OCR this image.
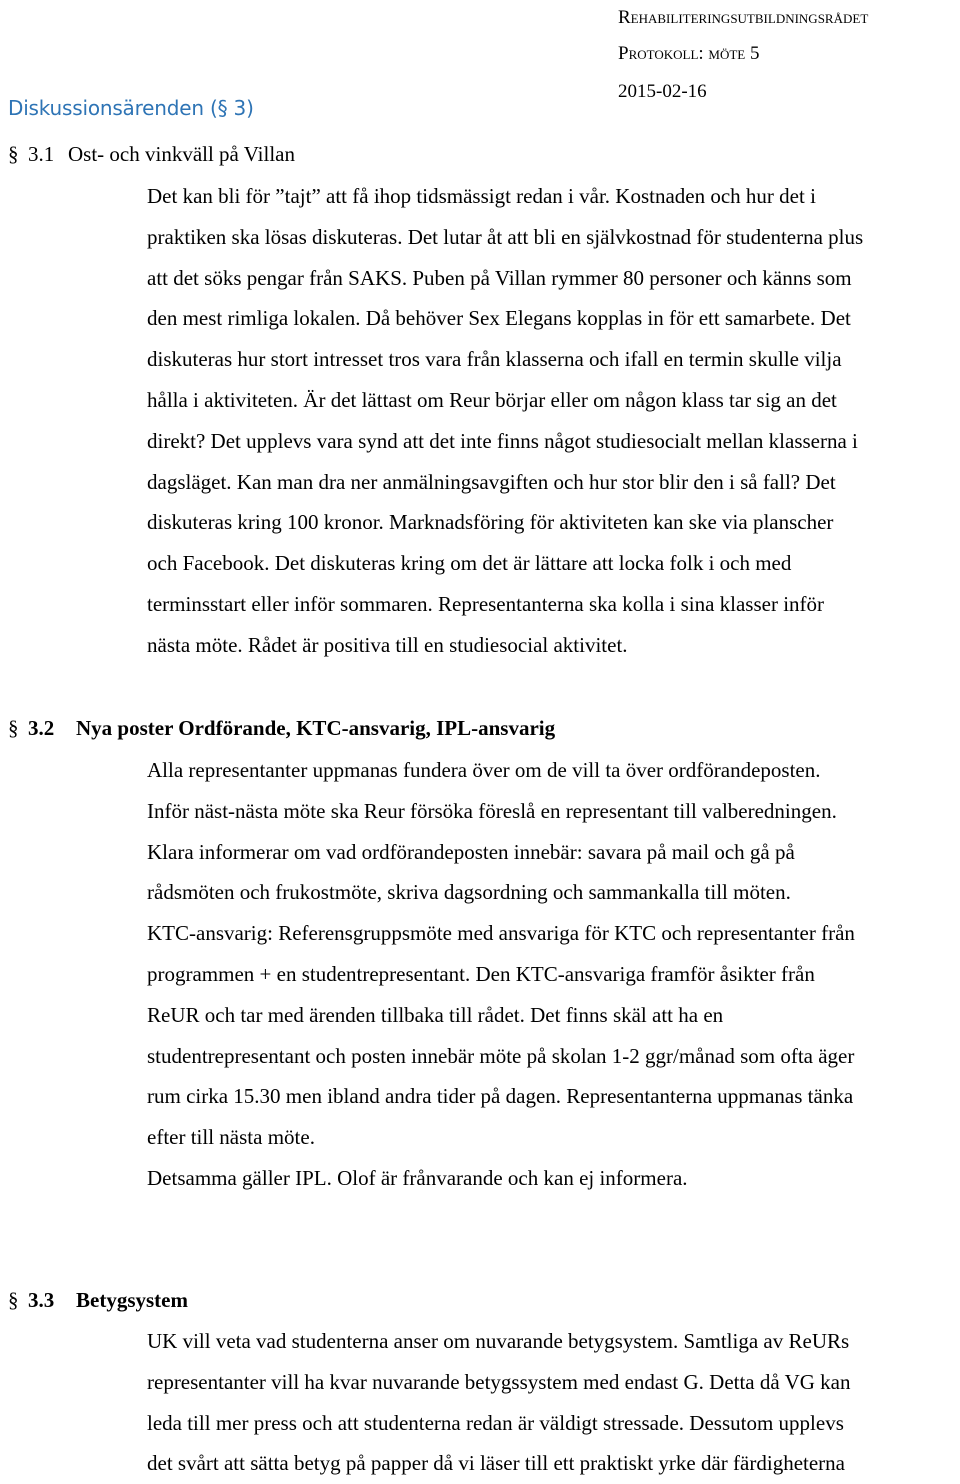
Rehabiliteringsutbildningsrådet
Protokoll: möte 5
2015-02-16
Diskussionsärenden (§ 3)
§ 3.1 Ost- och vinkväll på Villan
Det kan bli för ”tajt” att få ihop tidsmässigt redan i vår. Kostnaden och hur det i
praktiken ska lösas diskuteras. Det lutar åt att bli en självkostnad för studenterna plus
att det söks pengar från SAKS. Puben på Villan rymmer 80 personer och känns som
den mest rimliga lokalen. Då behöver Sex Elegans kopplas in för ett samarbete. Det
diskuteras hur stort intresset tros vara från klasserna och ifall en termin skulle vilja
hålla i aktiviteten. Är det lättast om Reur börjar eller om någon klass tar sig an det
direkt? Det upplevs vara synd att det inte finns något studiesocialt mellan klasserna i
dagsläget. Kan man dra ner anmälningsavgiften och hur stor blir den i så fall? Det
diskuteras kring 100 kronor. Marknadsföring för aktiviteten kan ske via planscher
och Facebook. Det diskuteras kring om det är lättare att locka folk i och med
terminsstart eller inför sommaren. Representanterna ska kolla i sina klasser inför
nästa möte. Rådet är positiva till en studiesocial aktivitet.
§ 3.2 Nya poster Ordförande, KTC-ansvarig, IPL-ansvarig
Alla representanter uppmanas fundera över om de vill ta över ordförandeposten.
Inför näst-nästa möte ska Reur försöka föreslå en representant till valberedningen.
Klara informerar om vad ordförandeposten innebär: savara på mail och gå på
rådsmöten och frukostmöte, skriva dagsordning och sammankalla till möten.
KTC-ansvarig: Referensgruppsmöte med ansvariga för KTC och representanter från
programmen + en studentrepresentant. Den KTC-ansvariga framför åsikter från
ReUR och tar med ärenden tillbaka till rådet. Det finns skäl att ha en
studentrepresentant och posten innebär möte på skolan 1-2 ggr/månad som ofta äger
rum cirka 15.30 men ibland andra tider på dagen. Representanterna uppmanas tänka
efter till nästa möte.
Detsamma gäller IPL. Olof är frånvarande och kan ej informera.
§ 3.3 Betygsystem
UK vill veta vad studenterna anser om nuvarande betygsystem. Samtliga av ReURs
representanter vill ha kvar nuvarande betygssystem med endast G. Detta då VG kan
leda till mer press och att studenterna redan är väldigt stressade. Dessutom upplevs
det svårt att sätta betyg på papper då vi läser till ett praktiskt yrke där färdigheterna
